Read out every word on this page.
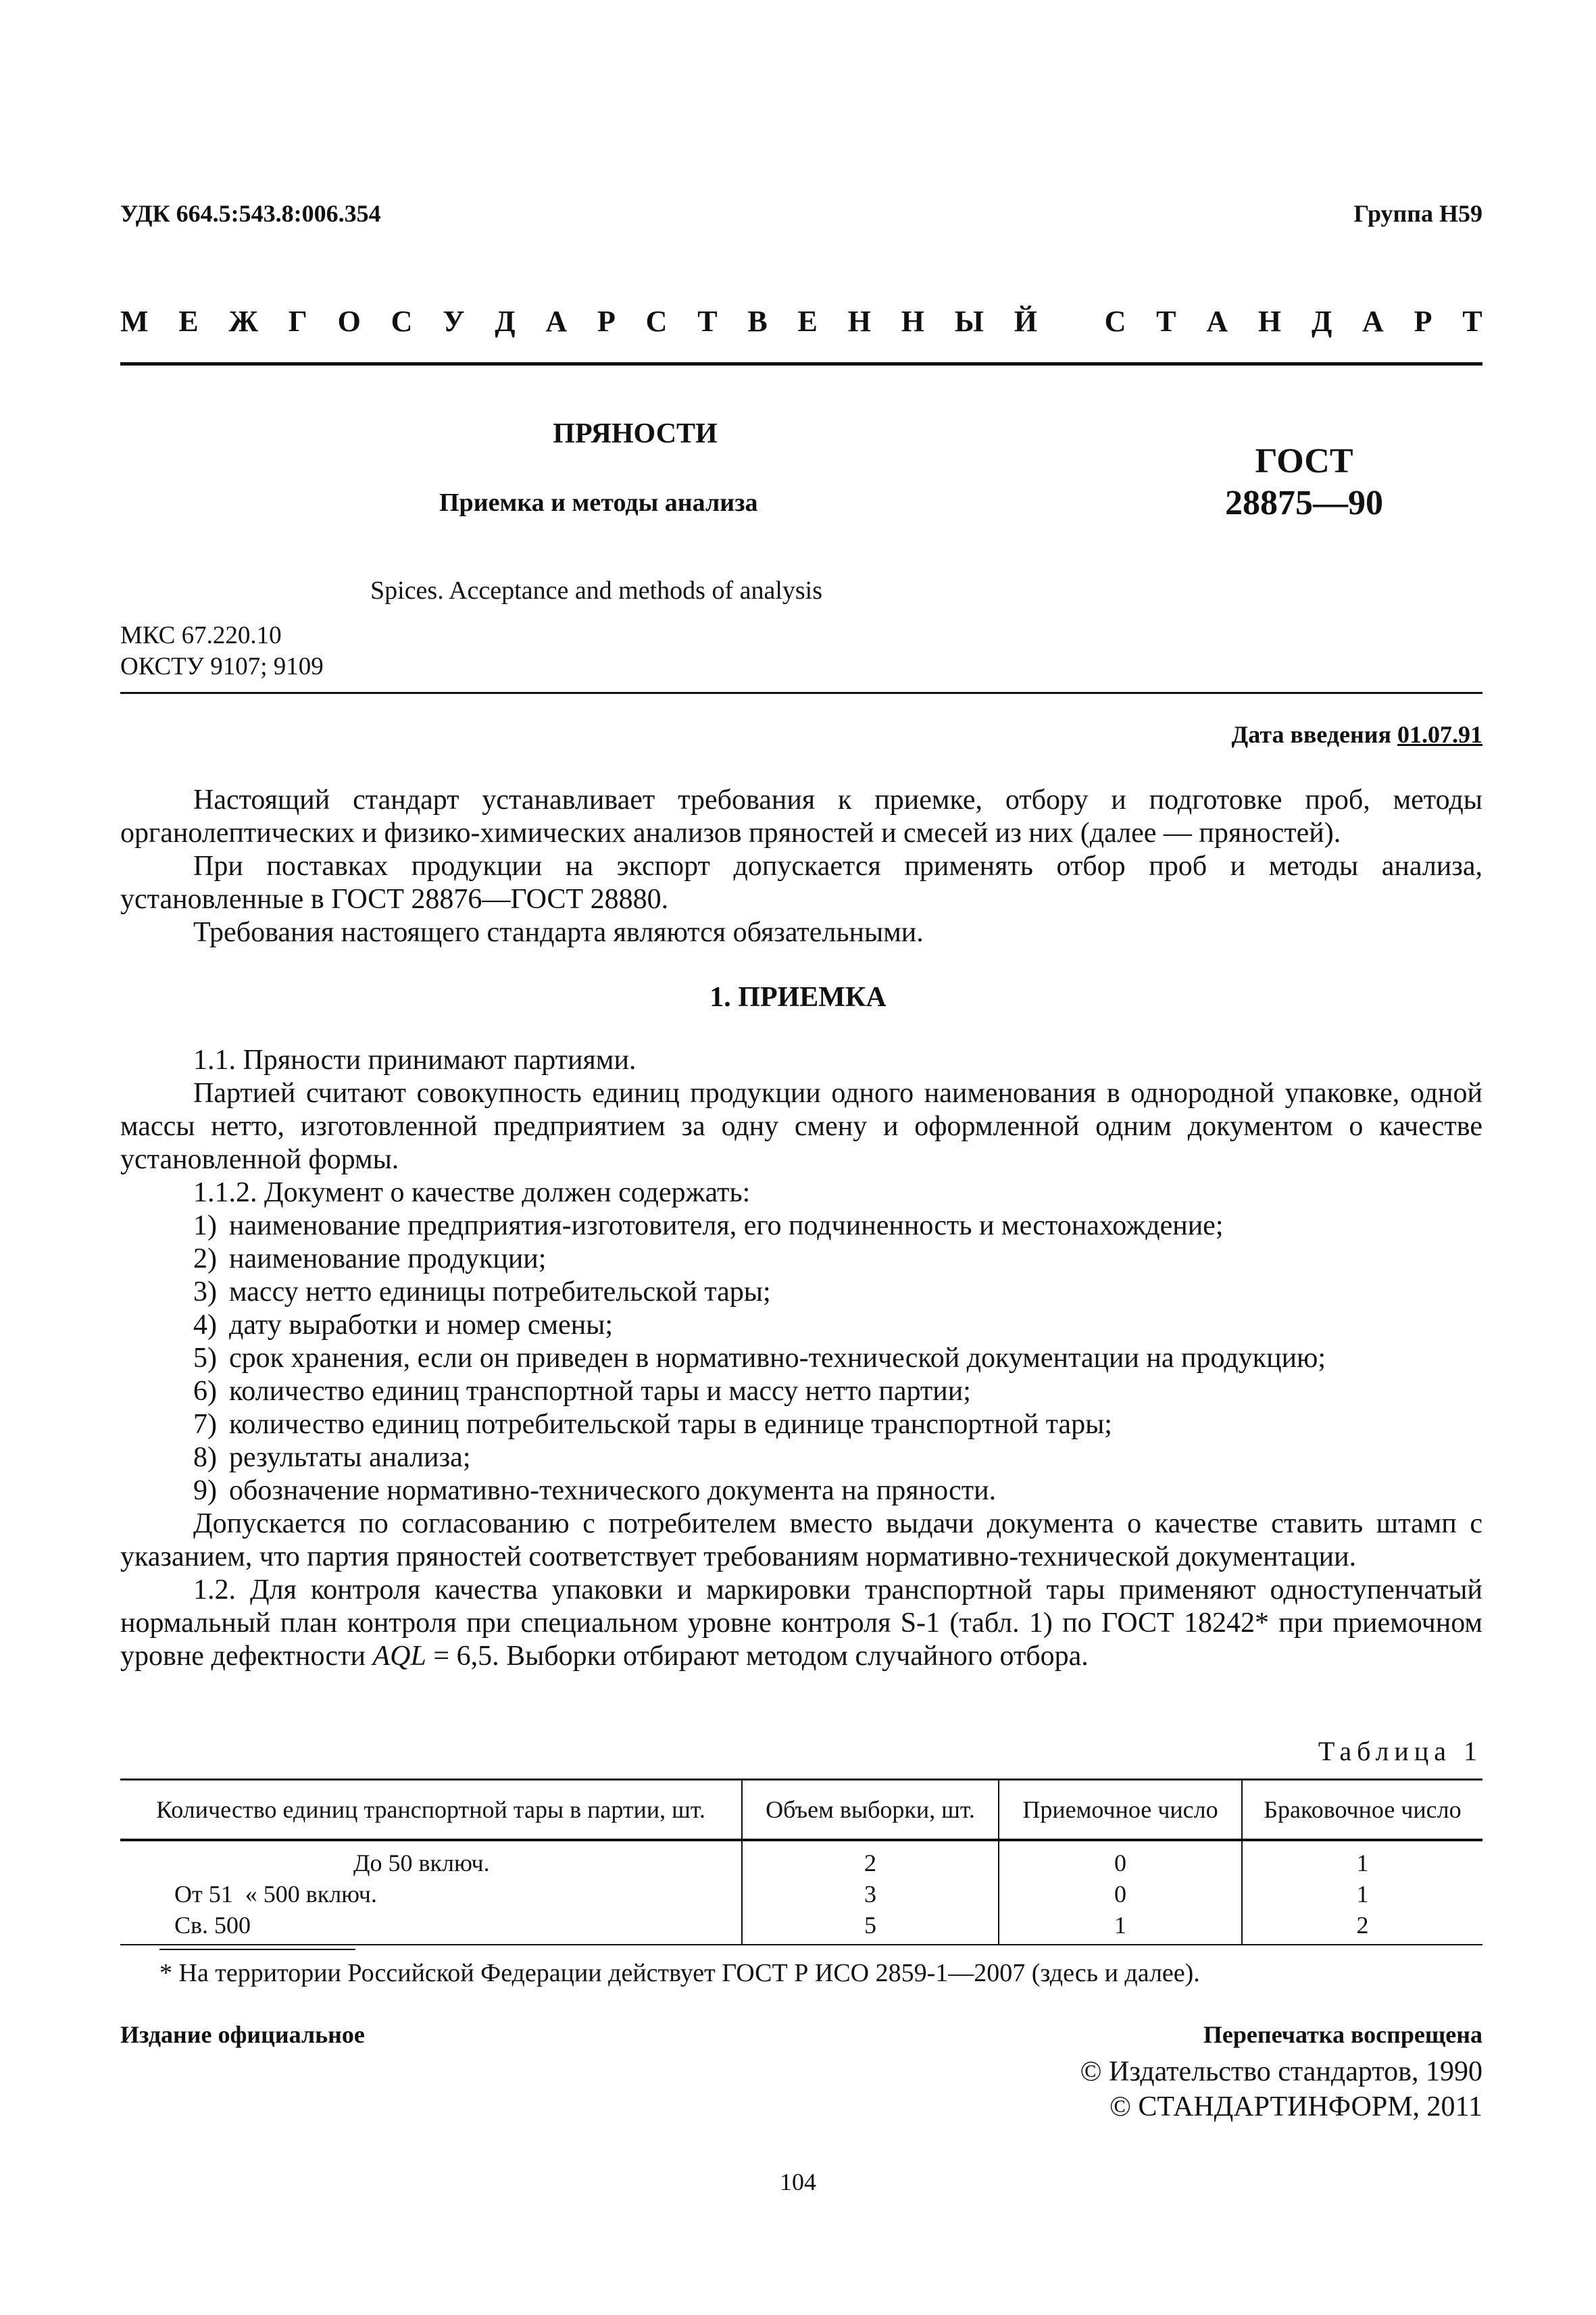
УДК 664.5:543.8:006.354	Группа Н59
М Е Ж Г О С У Д А Р С Т В Е Н Н Ы Й С Т А Н Д А Р Т
ПРЯНОСТИ
Приемка и методы анализа
ГОСТ
28875—90
Spices. Acceptance and methods of analysis
МКС 67.220.10
ОКСТУ 9107; 9109
Дата введения 01.07.91

Настоящий стандарт устанавливает требования к приемке, отбору и подготовке проб, методы органолептических и физико-химических анализов пряностей и смесей из них (далее — пряностей).

При поставках продукции на экспорт допускается применять отбор проб и методы анализа, установленные в ГОСТ 28876—ГОСТ 28880.

Требования настоящего стандарта являются обязательными.

1. ПРИЕМКА

1.1. Пряности принимают партиями.

Партией считают совокупность единиц продукции одного наименования в однородной упаковке, одной массы нетто, изготовленной предприятием за одну смену и оформленной одним документом о качестве установленной формы.

1.1.2. Документ о качестве должен содержать:

1) наименование предприятия-изготовителя, его подчиненность и местонахождение;
2) наименование продукции;
3) массу нетто единицы потребительской тары;
4) дату выработки и номер смены;
5) срок хранения, если он приведен в нормативно-технической документации на продукцию;
6) количество единиц транспортной тары и массу нетто партии;
7) количество единиц потребительской тары в единице транспортной тары;
8) результаты анализа;
9) обозначение нормативно-технического документа на пряности.

Допускается по согласованию с потребителем вместо выдачи документа о качестве ставить штамп с указанием, что партия пряностей соответствует требованиям нормативно-технической документации.

1.2. Для контроля качества упаковки и маркировки транспортной тары применяют одноступенчатый нормальный план контроля при специальном уровне контроля S-1 (табл. 1) по ГОСТ 18242* при приемочном уровне дефектности AQL = 6,5. Выборки отбирают методом случайного отбора.

Таблица 1
Количество единиц транспортной тары в партии, шт.	Объем выборки, шт.	Приемочное число	Браковочное число
До 50 включ.	2	0	1
От 51  « 500 включ.	3	0	1
Св. 500	5	1	2
* На территории Российской Федерации действует ГОСТ Р ИСО 2859-1—2007 (здесь и далее).
Издание официальное	Перепечатка воспрещена
© Издательство стандартов, 1990
© СТАНДАРТИНФОРМ, 2011
104
